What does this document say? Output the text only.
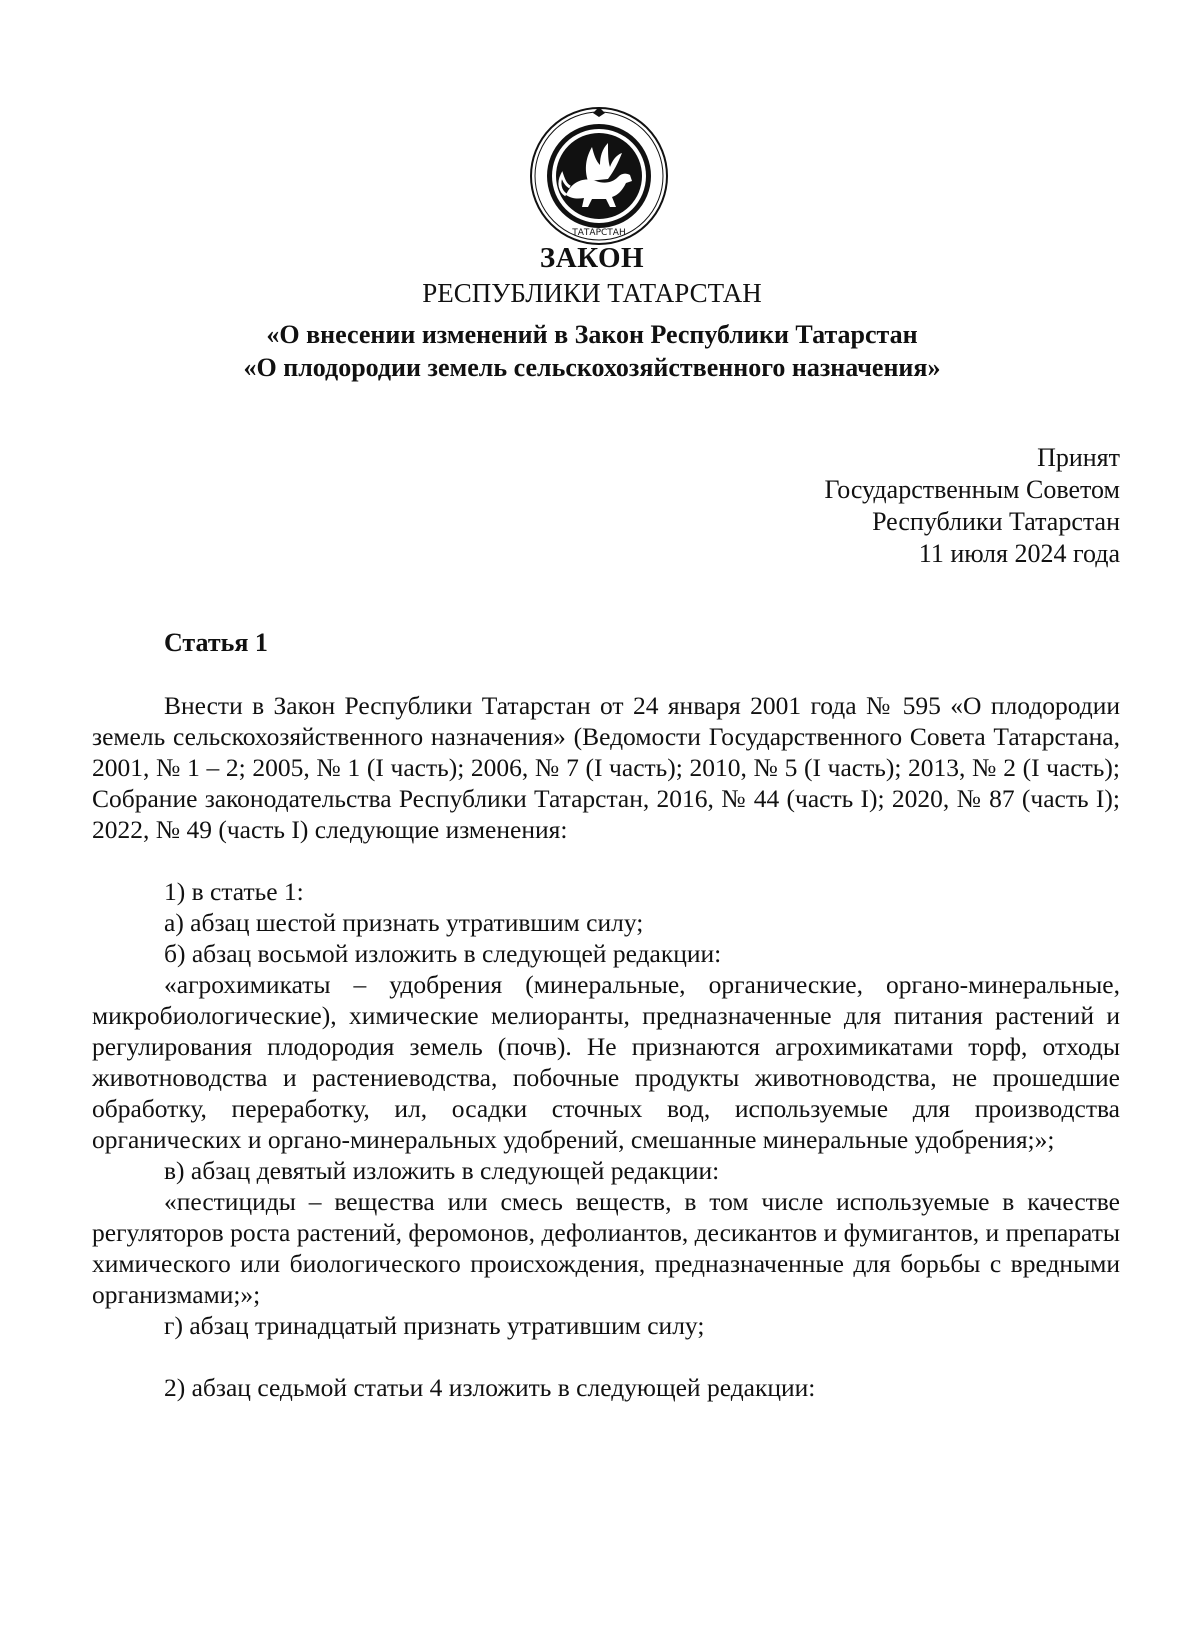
ТАТАРСТАН
ЗАКОН
РЕСПУБЛИКИ ТАТАРСТАН
«О внесении изменений в Закон Республики Татарстан
«О плодородии земель сельскохозяйственного назначения»
Принят
Государственным Советом
Республики Татарстан
11 июля 2024 года
Статья 1

Внести в Закон Республики Татарстан от 24 января 2001 года № 595 «О плодородии земель сельскохозяйственного назначения» (Ведомости Государственного Совета Татарстана, 2001, № 1 – 2; 2005, № 1 (I часть); 2006, № 7 (I часть); 2010, № 5 (I часть); 2013, № 2 (I часть); Собрание законодательства Республики Татарстан, 2016, № 44 (часть I); 2020, № 87 (часть I); 2022, № 49 (часть I) следующие изменения:

1) в статье 1:

а) абзац шестой признать утратившим силу;

б) абзац восьмой изложить в следующей редакции:

«агрохимикаты – удобрения (минеральные, органические, органо-минеральные, микробиологические), химические мелиоранты, предназначенные для питания растений и регулирования плодородия земель (почв). Не признаются агрохимикатами торф, отходы животноводства и растениеводства, побочные продукты животноводства, не прошедшие обработку, переработку, ил, осадки сточных вод, используемые для производства органических и органо-минеральных удобрений, смешанные минеральные удобрения;»;

в) абзац девятый изложить в следующей редакции:

«пестициды – вещества или смесь веществ, в том числе используемые в качестве регуляторов роста растений, феромонов, дефолиантов, десикантов и фумигантов, и препараты химического или биологического происхождения, предназначенные для борьбы с вредными организмами;»;

г) абзац тринадцатый признать утратившим силу;

2) абзац седьмой статьи 4 изложить в следующей редакции:
